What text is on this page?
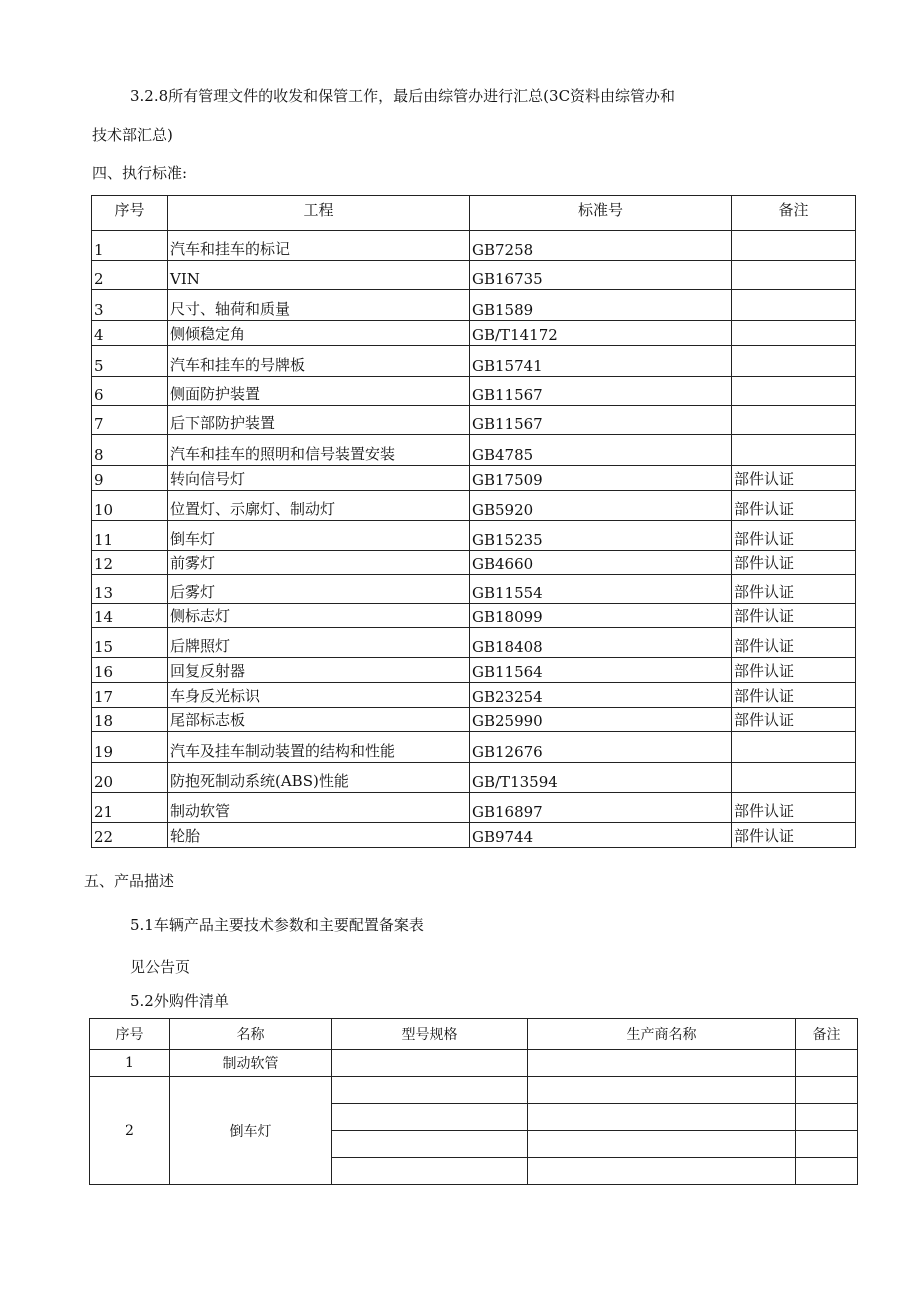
3.2.8所有管理文件的收发和保管工作，最后由综管办进行汇总(3C资料由综管办和
技术部汇总)
四、执行标准:
序号	工程	标准号	备注
1	汽车和挂车的标记	GB7258	
2	VIN	GB16735	
3	尺寸、轴荷和质量	GB1589	
4	侧倾稳定角	GB/T14172	
5	汽车和挂车的号牌板	GB15741	
6	侧面防护装置	GB11567	
7	后下部防护装置	GB11567	
8	汽车和挂车的照明和信号装置安装	GB4785	
9	转向信号灯	GB17509	部件认证
10	位置灯、示廓灯、制动灯	GB5920	部件认证
11	倒车灯	GB15235	部件认证
12	前雾灯	GB4660	部件认证
13	后雾灯	GB11554	部件认证
14	侧标志灯	GB18099	部件认证
15	后牌照灯	GB18408	部件认证
16	回复反射器	GB11564	部件认证
17	车身反光标识	GB23254	部件认证
18	尾部标志板	GB25990	部件认证
19	汽车及挂车制动装置的结构和性能	GB12676	
20	防抱死制动系统(ABS)性能	GB/T13594	
21	制动软管	GB16897	部件认证
22	轮胎	GB9744	部件认证
五、产品描述
5.1车辆产品主要技术参数和主要配置备案表
见公告页
5.2外购件清单
序号	名称	型号规格	生产商名称	备注
1	制动软管			
2	倒车灯			
